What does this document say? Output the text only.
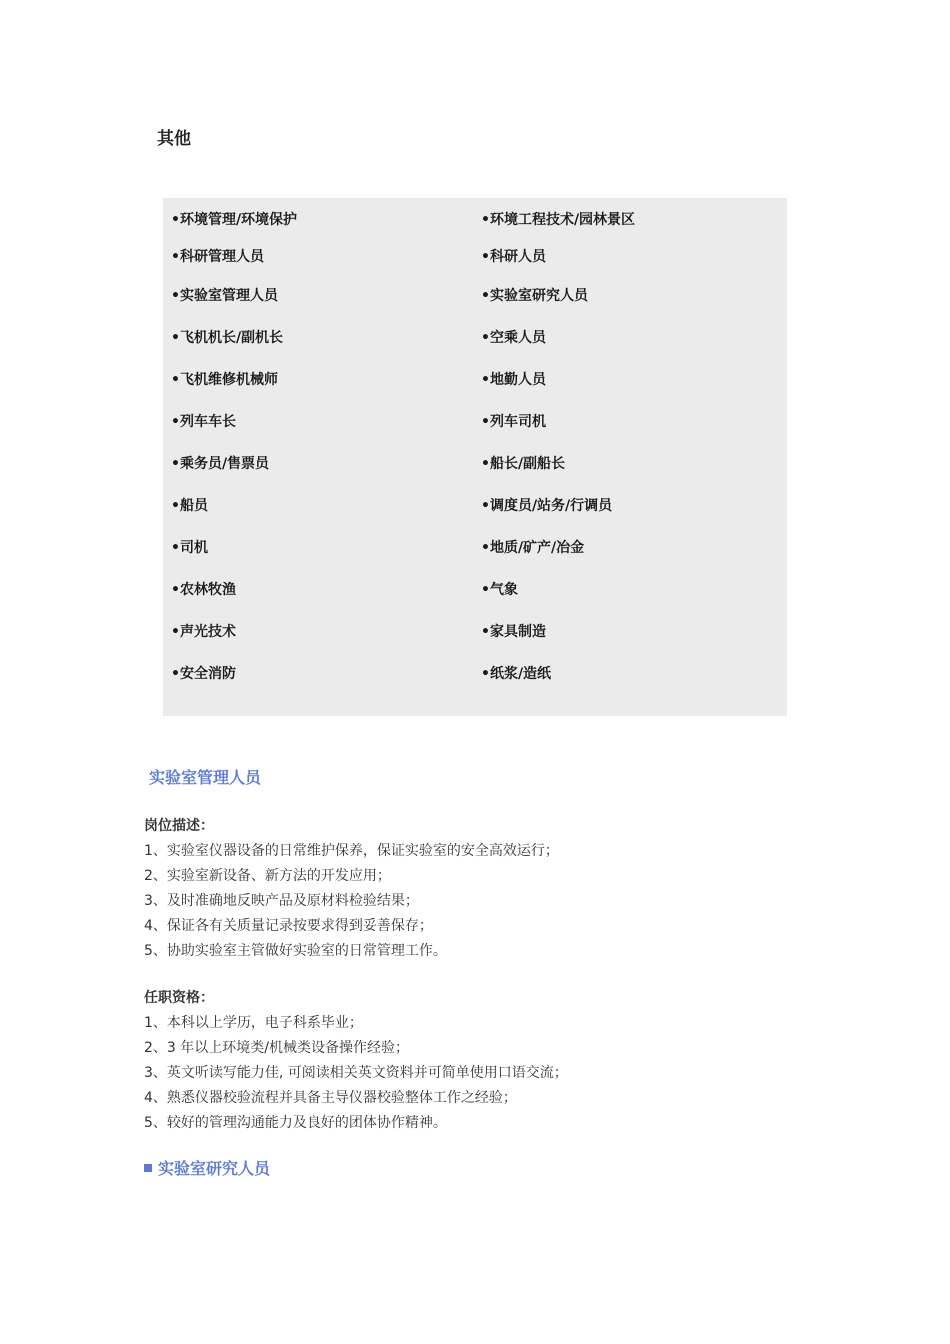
其他
•环境管理/环境保护
•科研管理人员
•实验室管理人员
•飞机机长/副机长
•飞机维修机械师
•列车车长
•乘务员/售票员
•船员
•司机
•农林牧渔
•声光技术
•安全消防
•环境工程技术/园林景区
•科研人员
•实验室研究人员
•空乘人员
•地勤人员
•列车司机
•船长/副船长
•调度员/站务/行调员
•地质/矿产/冶金
•气象
•家具制造
•纸浆/造纸
实验室管理人员
岗位描述：
1、实验室仪器设备的日常维护保养，保证实验室的安全高效运行；
2、实验室新设备、新方法的开发应用；
3、及时准确地反映产品及原材料检验结果；
4、保证各有关质量记录按要求得到妥善保存；
5、协助实验室主管做好实验室的日常管理工作。
任职资格：
1、本科以上学历，电子科系毕业；
2、3 年以上环境类/机械类设备操作经验；
3、英文听读写能力佳, 可阅读相关英文资料并可简单使用口语交流；
4、熟悉仪器校验流程并具备主导仪器校验整体工作之经验；
5、较好的管理沟通能力及良好的团体协作精神。
实验室研究人员
